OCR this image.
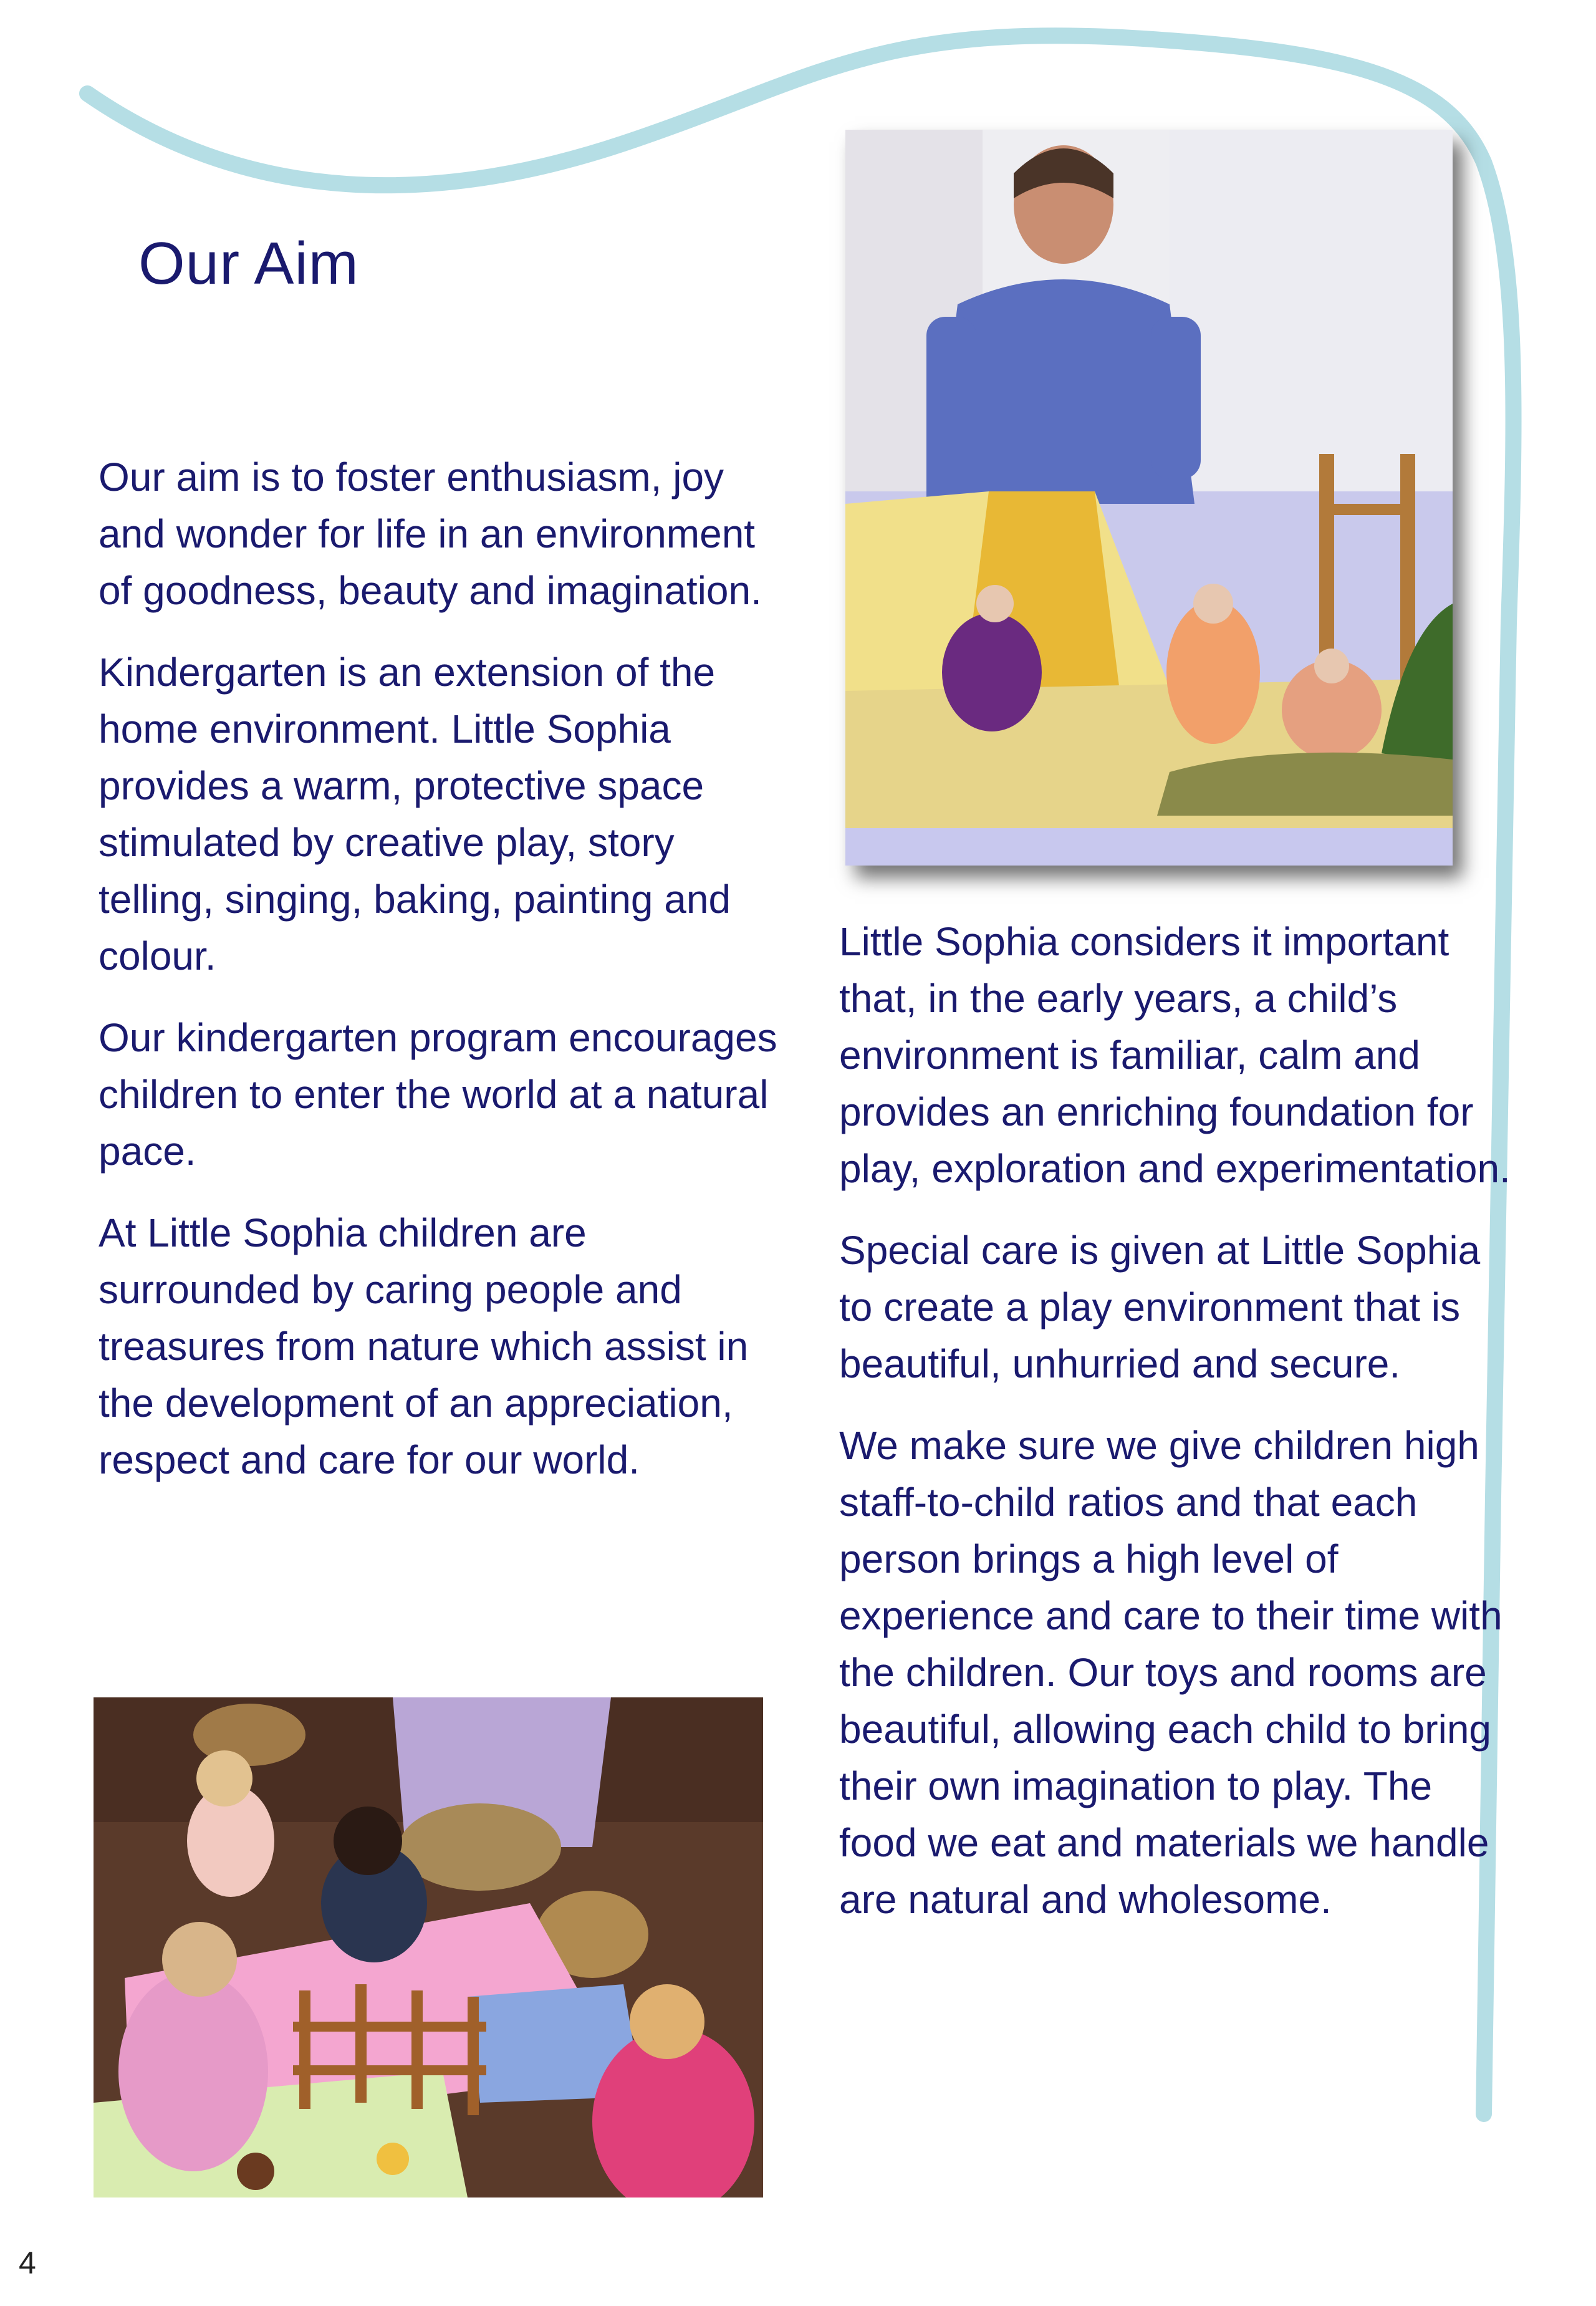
Our Aim

Our aim is to foster enthusiasm, joy and wonder for life in an environment of goodness, beauty and imagination.

Kindergarten is an extension of the home environment. Little Sophia provides a warm, protective space stimulated by creative play, story telling, singing, baking, painting and colour.

Our kindergarten program encourages children to enter the world at a natural pace.

At Little Sophia children are surrounded by caring people and treasures from nature which assist in the development of an appreciation, respect and care for our world.

Little Sophia considers it important that, in the early years, a child’s environment is familiar, calm and provides an enriching foundation for play, exploration and experimentation.

Special care is given at Little Sophia to create a play environment that is beautiful, unhurried and secure.

We make sure we give children high staff-to-child ratios and that each person brings a high level of experience and care to their time with the children. Our toys and rooms are beautiful, allowing each child to bring their own imagination to play. The food we eat and materials we handle are natural and wholesome.

4
